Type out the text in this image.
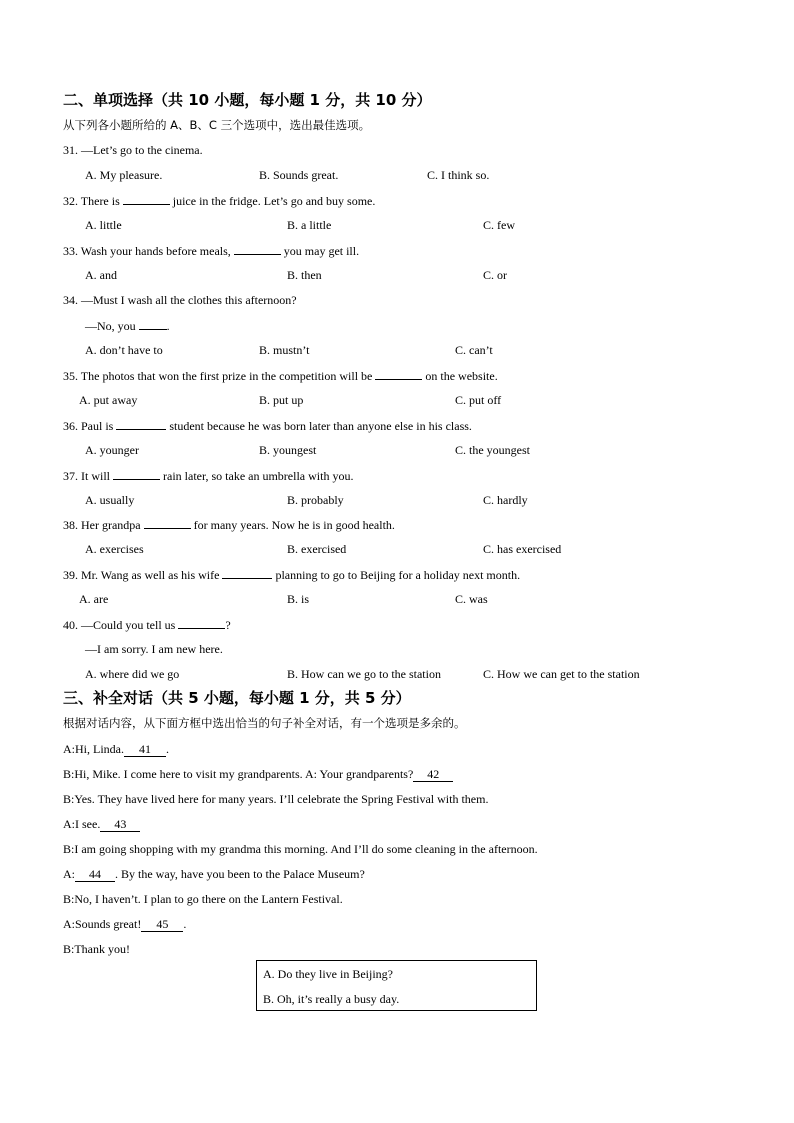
二、单项选择（共 10 小题，每小题 1 分，共 10 分）
从下列各小题所给的 A、B、C 三个选项中，选出最佳选项。
31. —Let’s go to the cinema.
A. My pleasure.	B. Sounds great.	C. I think so.
32. There is	juice in the fridge. Let’s go and buy some.
A. little	B. a little	C. few
33. Wash your hands before meals,	you may get ill.
A. and	B. then	C. or
34. —Must I wash all the clothes this afternoon?
—No, you .
A. don’t have to	B. mustn’t	C. can’t
35. The photos that won the first prize in the competition will be	on the website.
A. put away	B. put up	C. put off
36. Paul is	student because he was born later than anyone else in his class.
A. younger	B. youngest	C. the youngest
37. It will	rain later, so take an umbrella with you.
A. usually	B. probably	C. hardly
38. Her grandpa	for many years. Now he is in good health.
A. exercises	B. exercised	C. has exercised
39. Mr. Wang as well as his wife	planning to go to Beijing for a holiday next month.
A. are	B. is	C. was
40. —Could you tell us	?
—I am sorry. I am new here.
A. where did we go	B. How can we go to the station	C. How we can get to the station
三、补全对话（共 5 小题，每小题 1 分，共 5 分）
根据对话内容，从下面方框中选出恰当的句子补全对话，有一个选项是多余的。
A:Hi, Linda. 41 .
B:Hi, Mike. I come here to visit my grandparents. A: Your grandparents? 42
B:Yes. They have lived here for many years. I’ll celebrate the Spring Festival with them.
A:I see. 43
B:I am going shopping with my grandma this morning. And I’ll do some cleaning in the afternoon.
A: 44 . By the way, have you been to the Palace Museum?
B:No, I haven’t. I plan to go there on the Lantern Festival.
A:Sounds great! 45 .
B:Thank you!
A. Do they live in Beijing?
B. Oh, it’s really a busy day.
